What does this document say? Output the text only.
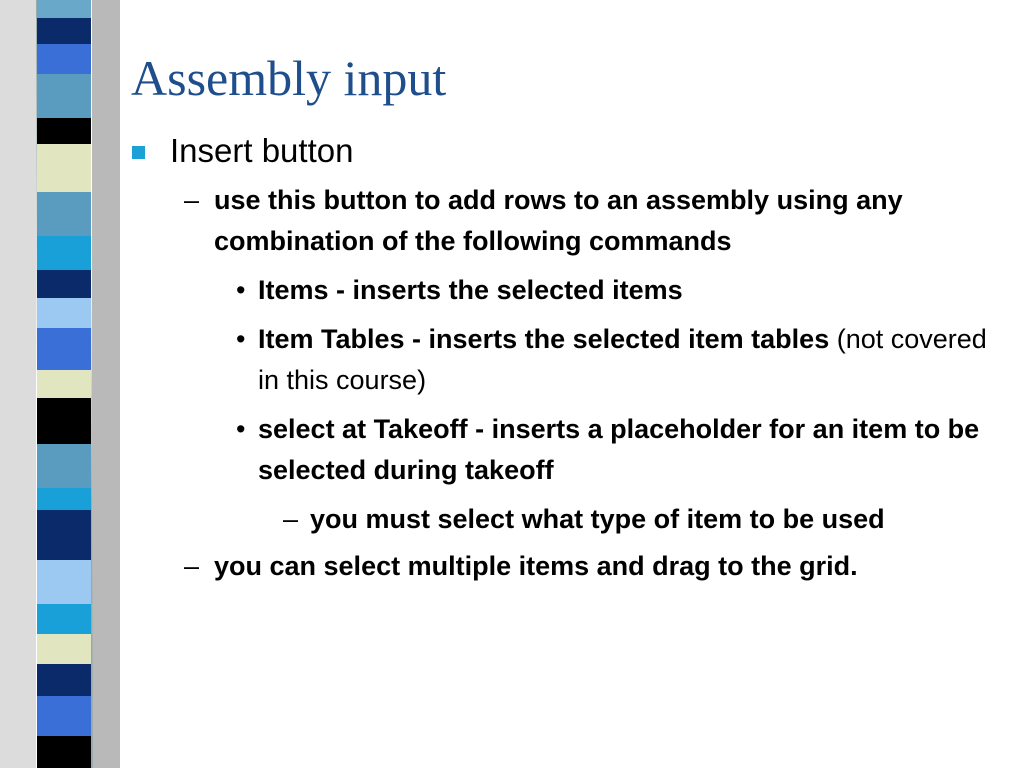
Assembly input
Insert button
– use this button to add rows to an assembly using any combination of the following commands
• Items - inserts the selected items
• Item Tables - inserts the selected item tables (not covered in this course)
• select at Takeoff - inserts a placeholder for an item to be selected during takeoff
– you must select what type of item to be used
– you can select multiple items and drag to the grid.
